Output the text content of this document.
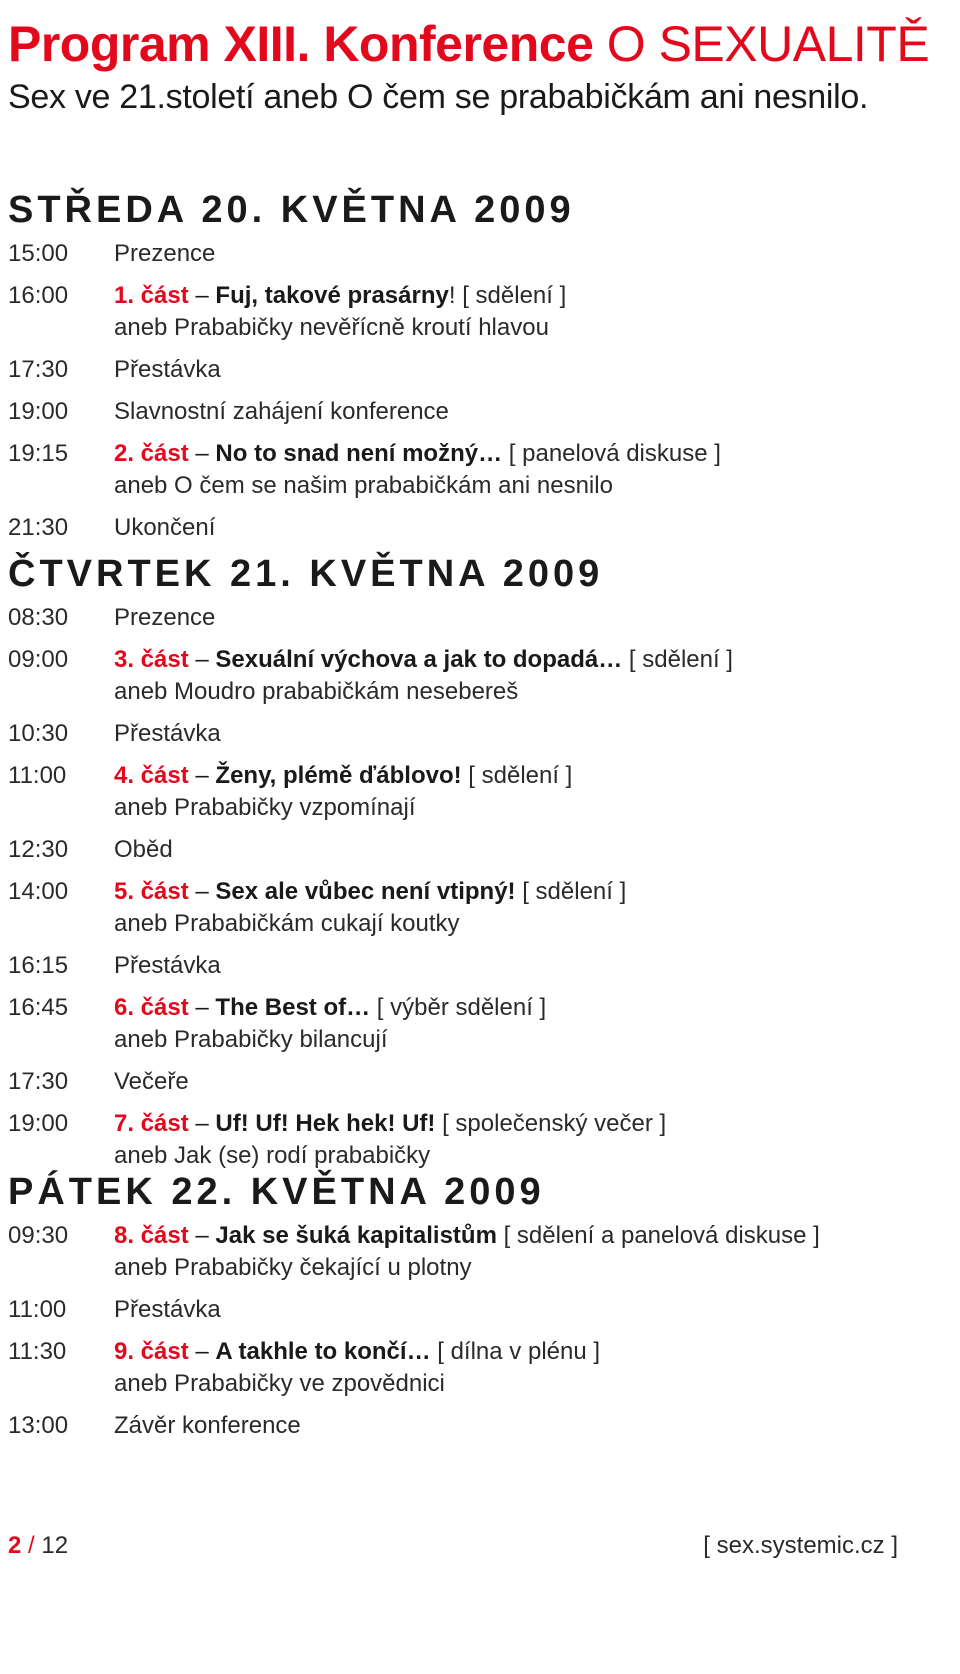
Program XIII. Konference O SEXUALITĚ
Sex ve 21.století aneb O čem se prababičkám ani nesnilo.
STŘEDA 20. KVĚTNA 2009
15:00	Prezence
16:00	1. část – Fuj, takové prasárny! [ sdělení ]
aneb Prababičky nevěřícně kroutí hlavou
17:30	Přestávka
19:00	Slavnostní zahájení konference
19:15	2. část – No to snad není možný… [ panelová diskuse ]
aneb O čem se našim prababičkám ani nesnilo
21:30	Ukončení
ČTVRTEK 21. KVĚTNA 2009
08:30	Prezence
09:00	3. část – Sexuální výchova a jak to dopadá… [ sdělení ]
aneb Moudro prababičkám nesebereš
10:30	Přestávka
11:00	4. část – Ženy, plémě ďáblovo! [ sdělení ]
aneb Prababičky vzpomínají
12:30	Oběd
14:00	5. část – Sex ale vůbec není vtipný! [ sdělení ]
aneb Prababičkám cukají koutky
16:15	Přestávka
16:45	6. část – The Best of… [ výběr sdělení ]
aneb Prababičky bilancují
17:30	Večeře
19:00	7. část – Uf! Uf! Hek hek! Uf! [ společenský večer ]
aneb Jak (se) rodí prababičky
PÁTEK 22. KVĚTNA 2009
09:30	8. část – Jak se šuká kapitalistům [ sdělení a panelová diskuse ]
aneb Prababičky čekající u plotny
11:00	Přestávka
11:30	9. část – A takhle to končí… [ dílna v plénu ]
aneb Prababičky ve zpovědnici
13:00	Závěr konference
2 / 12	[ sex.systemic.cz ]
